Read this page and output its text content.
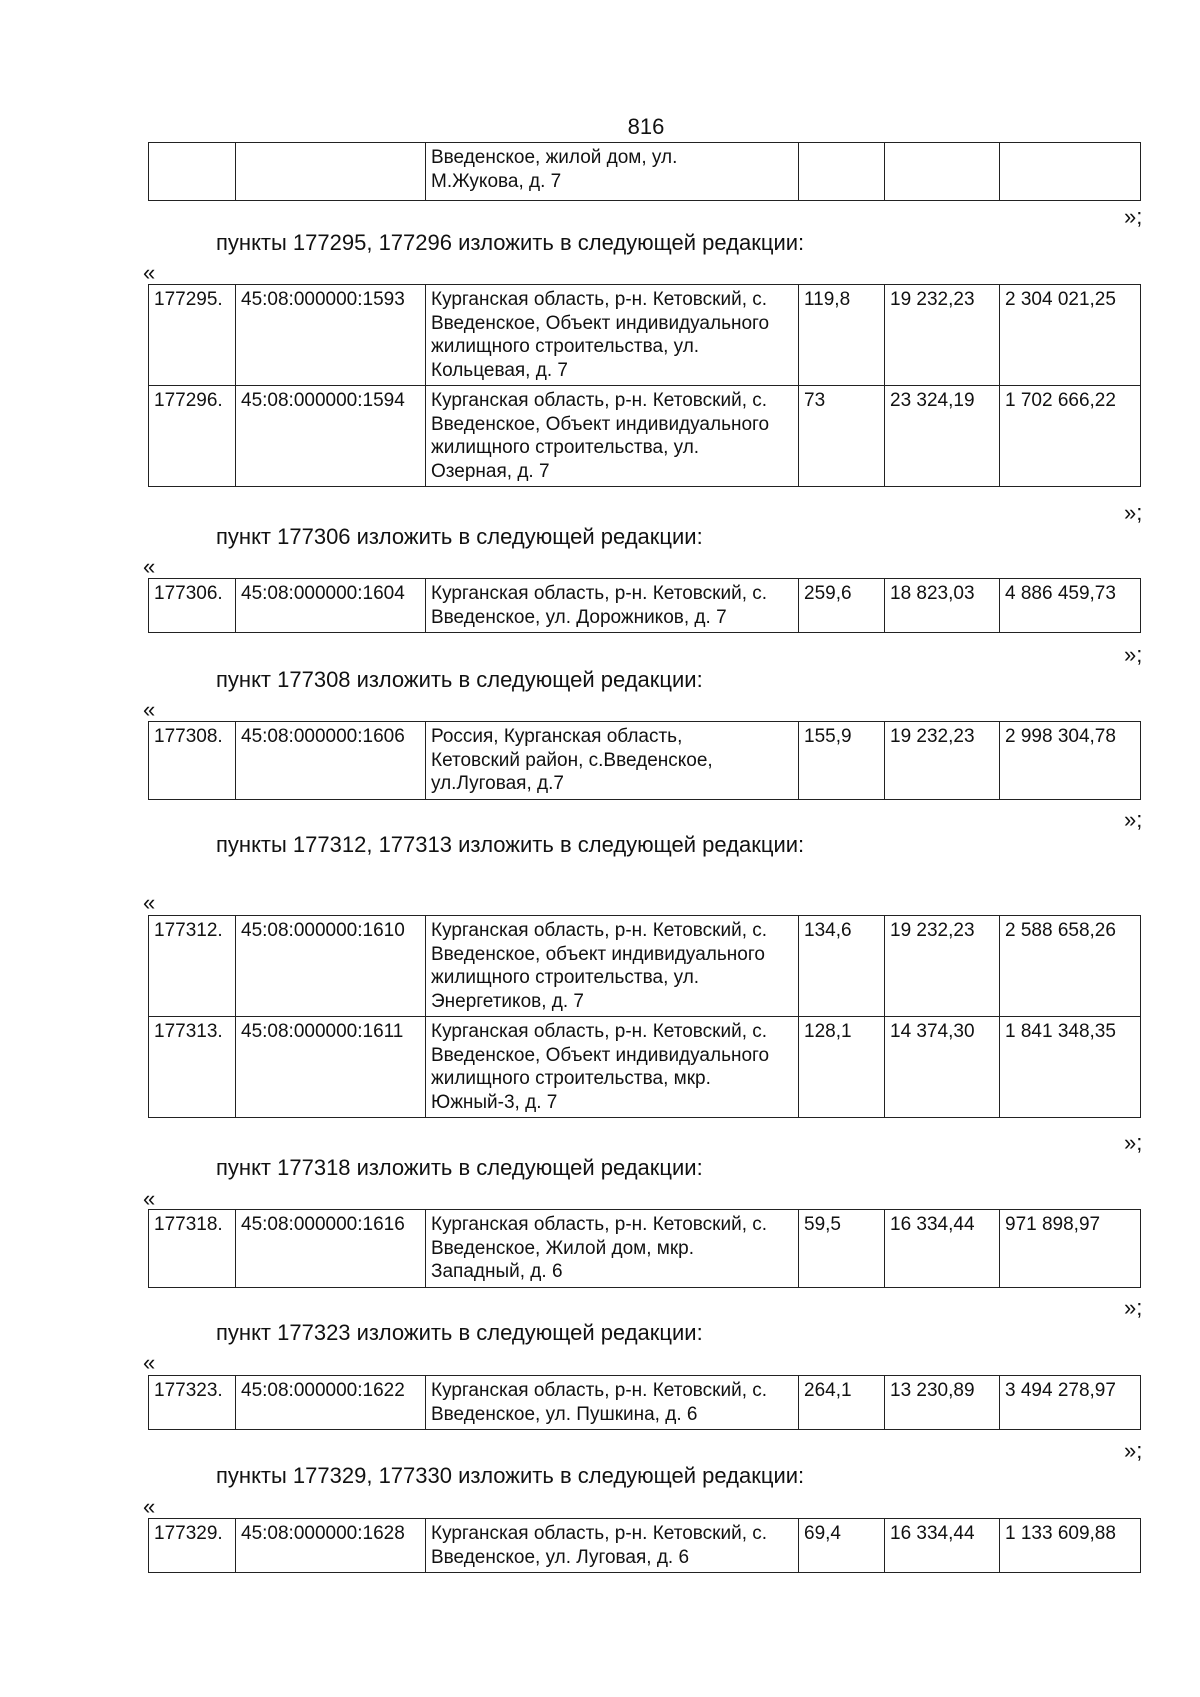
816
		Введенское, жилой дом, ул.
М.Жукова, д. 7			
»;
пункты 177295, 177296 изложить в следующей редакции:
«
177295.	45:08:000000:1593	Курганская область, р-н. Кетовский, с.
Введенское, Объект индивидуального
жилищного строительства, ул.
Кольцевая, д. 7	119,8	19 232,23	2 304 021,25
177296.	45:08:000000:1594	Курганская область, р-н. Кетовский, с.
Введенское, Объект индивидуального
жилищного строительства, ул.
Озерная, д. 7	73	23 324,19	1 702 666,22
»;
пункт 177306 изложить в следующей редакции:
«
177306.	45:08:000000:1604	Курганская область, р-н. Кетовский, с.
Введенское, ул. Дорожников, д. 7	259,6	18 823,03	4 886 459,73
»;
пункт 177308 изложить в следующей редакции:
«
177308.	45:08:000000:1606	Россия, Курганская область,
Кетовский район, с.Введенское,
ул.Луговая, д.7	155,9	19 232,23	2 998 304,78
»;
пункты 177312, 177313 изложить в следующей редакции:
«
177312.	45:08:000000:1610	Курганская область, р-н. Кетовский, с.
Введенское, объект индивидуального
жилищного строительства, ул.
Энергетиков, д. 7	134,6	19 232,23	2 588 658,26
177313.	45:08:000000:1611	Курганская область, р-н. Кетовский, с.
Введенское, Объект индивидуального
жилищного строительства, мкр.
Южный-3, д. 7	128,1	14 374,30	1 841 348,35
»;
пункт 177318 изложить в следующей редакции:
«
177318.	45:08:000000:1616	Курганская область, р-н. Кетовский, с.
Введенское, Жилой дом, мкр.
Западный, д. 6	59,5	16 334,44	971 898,97
»;
пункт 177323 изложить в следующей редакции:
«
177323.	45:08:000000:1622	Курганская область, р-н. Кетовский, с.
Введенское, ул. Пушкина, д. 6	264,1	13 230,89	3 494 278,97
»;
пункты 177329, 177330 изложить в следующей редакции:
«
177329.	45:08:000000:1628	Курганская область, р-н. Кетовский, с.
Введенское, ул. Луговая, д. 6	69,4	16 334,44	1 133 609,88
